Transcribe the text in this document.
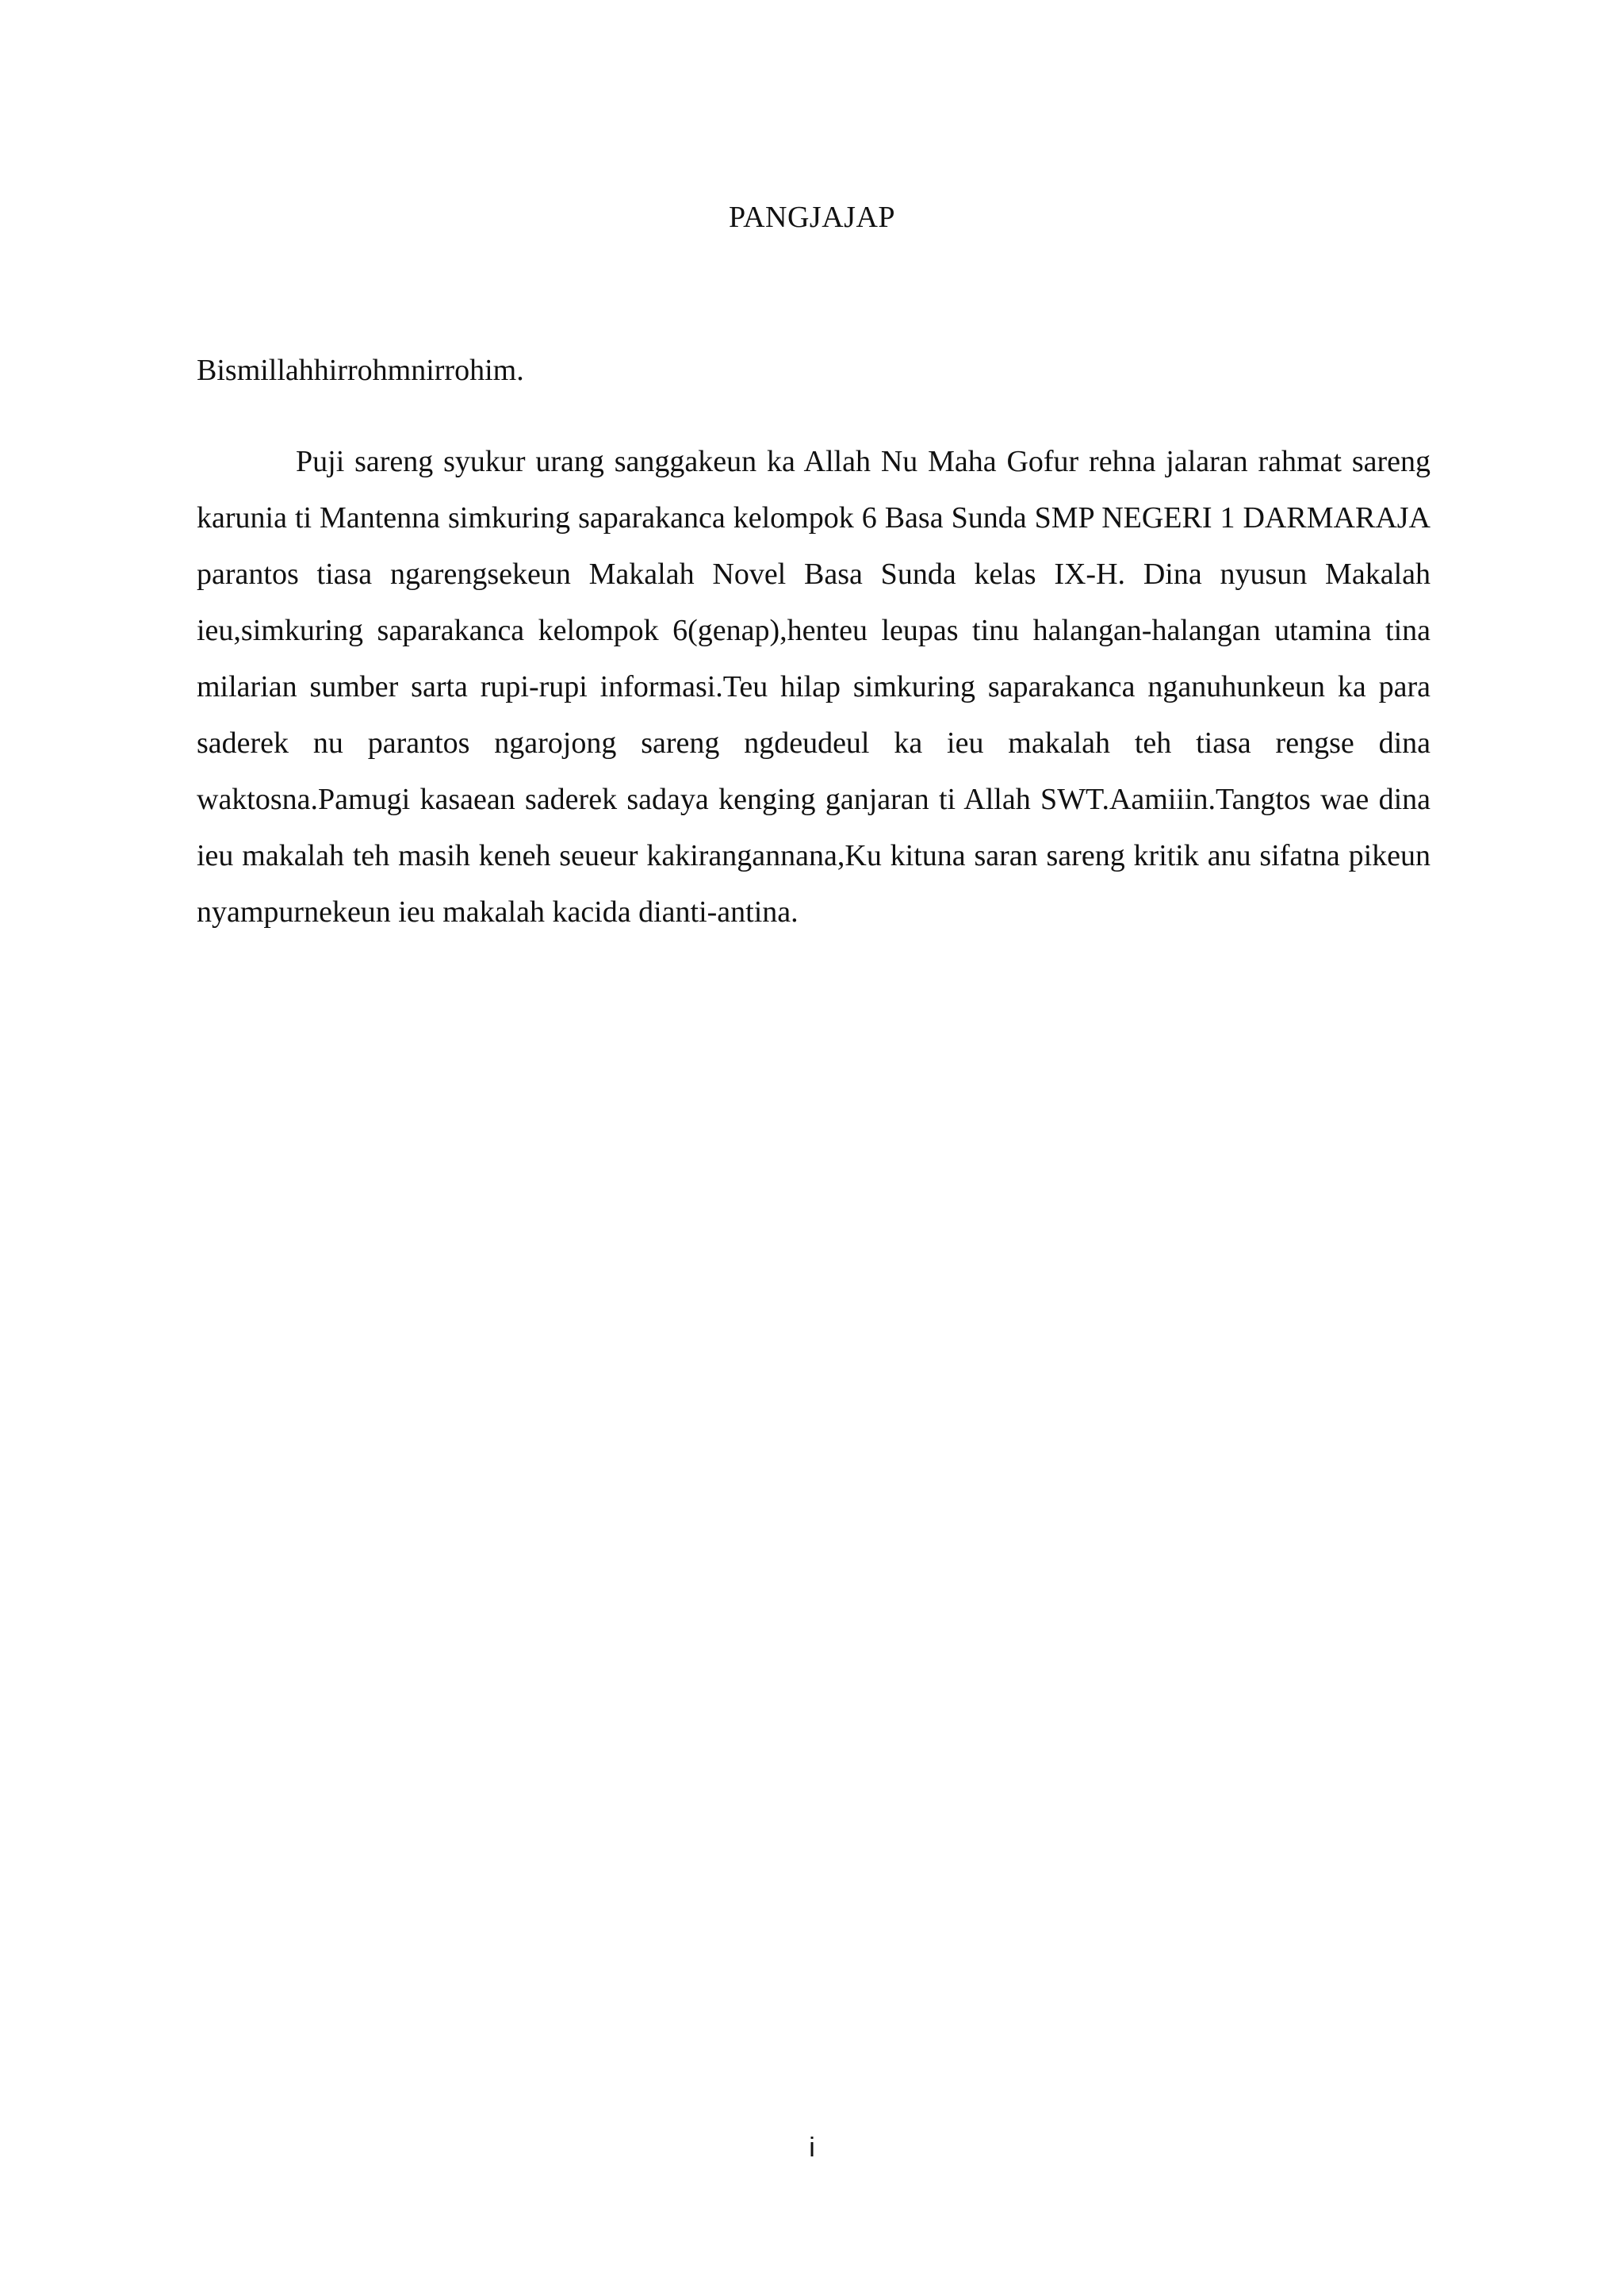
PANGJAJAP
Bismillahhirrohmnirrohim.

Puji sareng syukur urang sanggakeun ka Allah Nu Maha Gofur rehna jalaran rahmat sareng karunia ti Mantenna simkuring saparakanca kelompok 6 Basa Sunda SMP NEGERI 1 DARMARAJA parantos tiasa ngarengsekeun Makalah Novel Basa Sunda kelas IX-H. Dina nyusun Makalah ieu,simkuring saparakanca kelompok 6(genap),henteu leupas tinu halangan-halangan utamina tina milarian sumber sarta rupi-rupi informasi.Teu hilap simkuring saparakanca nganuhunkeun ka para saderek nu parantos ngarojong sareng ngdeudeul ka ieu makalah teh tiasa rengse dina waktosna.Pamugi kasaean saderek sadaya kenging ganjaran ti Allah SWT.Aamiiin.Tangtos wae dina ieu makalah teh masih keneh seueur kakirangannana,Ku kituna saran sareng kritik anu sifatna pikeun nyampurnekeun ieu makalah kacida dianti-antina.

i
